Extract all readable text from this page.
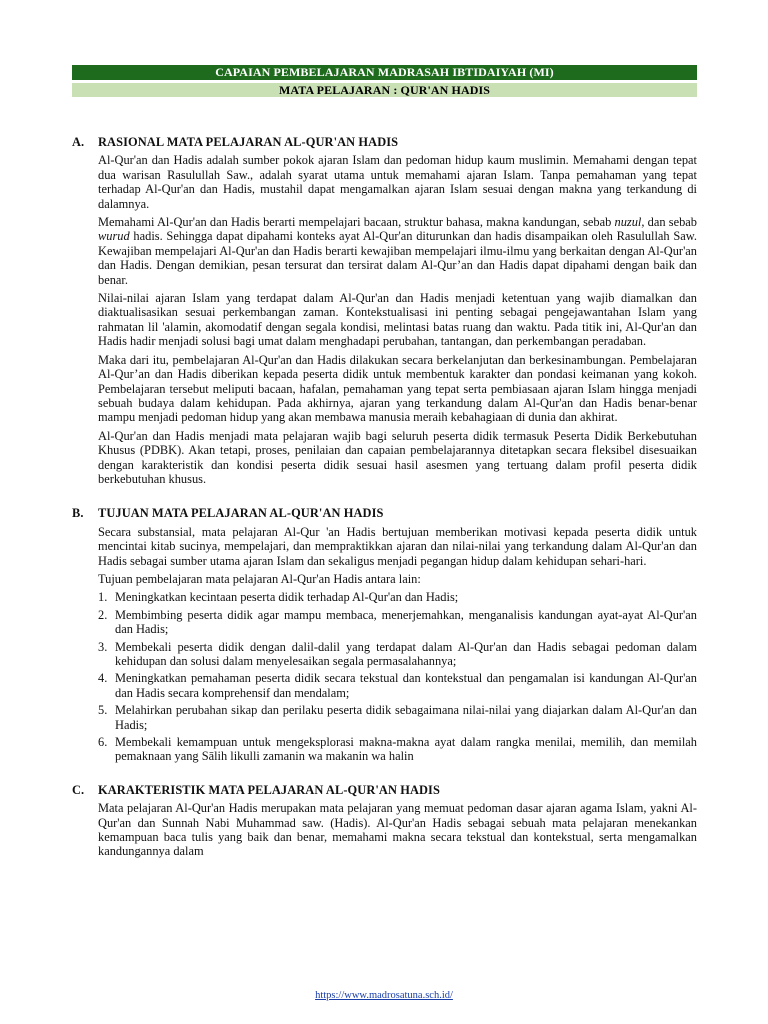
CAPAIAN PEMBELAJARAN MADRASAH IBTIDAIYAH (MI)
MATA PELAJARAN : QUR'AN HADIS
A.	RASIONAL MATA PELAJARAN AL-QUR'AN HADIS

Al-Qur'an dan Hadis adalah sumber pokok ajaran Islam dan pedoman hidup kaum muslimin. Memahami dengan tepat dua warisan Rasulullah Saw., adalah syarat utama untuk memahami ajaran Islam. Tanpa pemahaman yang tepat terhadap Al-Qur'an dan Hadis, mustahil dapat mengamalkan ajaran Islam sesuai dengan makna yang terkandung di dalamnya.

Memahami Al-Qur'an dan Hadis berarti mempelajari bacaan, struktur bahasa, makna kandungan, sebab nuzul, dan sebab wurud hadis. Sehingga dapat dipahami konteks ayat Al-Qur'an diturunkan dan hadis disampaikan oleh Rasulullah Saw. Kewajiban mempelajari Al-Qur'an dan Hadis berarti kewajiban mempelajari ilmu-ilmu yang berkaitan dengan Al-Qur'an dan Hadis. Dengan demikian, pesan tersurat dan tersirat dalam Al-Qur’an dan Hadis dapat dipahami dengan baik dan benar.

Nilai-nilai ajaran Islam yang terdapat dalam Al-Qur'an dan Hadis menjadi ketentuan yang wajib diamalkan dan diaktualisasikan sesuai perkembangan zaman. Kontekstualisasi ini penting sebagai pengejawantahan Islam yang rahmatan lil 'alamin, akomodatif dengan segala kondisi, melintasi batas ruang dan waktu. Pada titik ini, Al-Qur'an dan Hadis hadir menjadi solusi bagi umat dalam menghadapi perubahan, tantangan, dan perkembangan peradaban.

Maka dari itu, pembelajaran Al-Qur'an dan Hadis dilakukan secara berkelanjutan dan berkesinambungan. Pembelajaran Al-Qur’an dan Hadis diberikan kepada peserta didik untuk membentuk karakter dan pondasi keimanan yang kokoh. Pembelajaran tersebut meliputi bacaan, hafalan, pemahaman yang tepat serta pembiasaan ajaran Islam hingga menjadi sebuah budaya dalam kehidupan. Pada akhirnya, ajaran yang terkandung dalam Al-Qur'an dan Hadis benar-benar mampu menjadi pedoman hidup yang akan membawa manusia meraih kebahagiaan di dunia dan akhirat.

Al-Qur'an dan Hadis menjadi mata pelajaran wajib bagi seluruh peserta didik termasuk Peserta Didik Berkebutuhan Khusus (PDBK). Akan tetapi, proses, penilaian dan capaian pembelajarannya ditetapkan secara fleksibel disesuaikan dengan karakteristik dan kondisi peserta didik sesuai hasil asesmen yang tertuang dalam profil peserta didik berkebutuhan khusus.

B.	TUJUAN MATA PELAJARAN AL-QUR'AN HADIS

Secara substansial, mata pelajaran Al-Qur 'an Hadis bertujuan memberikan motivasi kepada peserta didik untuk mencintai kitab sucinya, mempelajari, dan mempraktikkan ajaran dan nilai-nilai yang terkandung dalam Al-Qur'an dan Hadis sebagai sumber utama ajaran Islam dan sekaligus menjadi pegangan hidup dalam kehidupan sehari-hari.

Tujuan pembelajaran mata pelajaran Al-Qur'an Hadis antara lain:

1. Meningkatkan kecintaan peserta didik terhadap Al-Qur'an dan Hadis;
2. Membimbing peserta didik agar mampu membaca, menerjemahkan, menganalisis kandungan ayat-ayat Al-Qur'an dan Hadis;
3. Membekali peserta didik dengan dalil-dalil yang terdapat dalam Al-Qur'an dan Hadis sebagai pedoman dalam kehidupan dan solusi dalam menyelesaikan segala permasalahannya;
4. Meningkatkan pemahaman peserta didik secara tekstual dan kontekstual dan pengamalan isi kandungan Al-Qur'an dan Hadis secara komprehensif dan mendalam;
5. Melahirkan perubahan sikap dan perilaku peserta didik sebagaimana nilai-nilai yang diajarkan dalam Al-Qur'an dan Hadis;
6. Membekali kemampuan untuk mengeksplorasi makna-makna ayat dalam rangka menilai, memilih, dan memilah pemaknaan yang Sālih likulli zamanin wa makanin wa halin
C.	KARAKTERISTIK MATA PELAJARAN AL-QUR'AN HADIS

Mata pelajaran Al-Qur'an Hadis merupakan mata pelajaran yang memuat pedoman dasar ajaran agama Islam, yakni Al-Qur'an dan Sunnah Nabi Muhammad saw. (Hadis). Al-Qur'an Hadis sebagai sebuah mata pelajaran menekankan kemampuan baca tulis yang baik dan benar, memahami makna secara tekstual dan kontekstual, serta mengamalkan kandungannya dalam

https://www.madrosatuna.sch.id/
